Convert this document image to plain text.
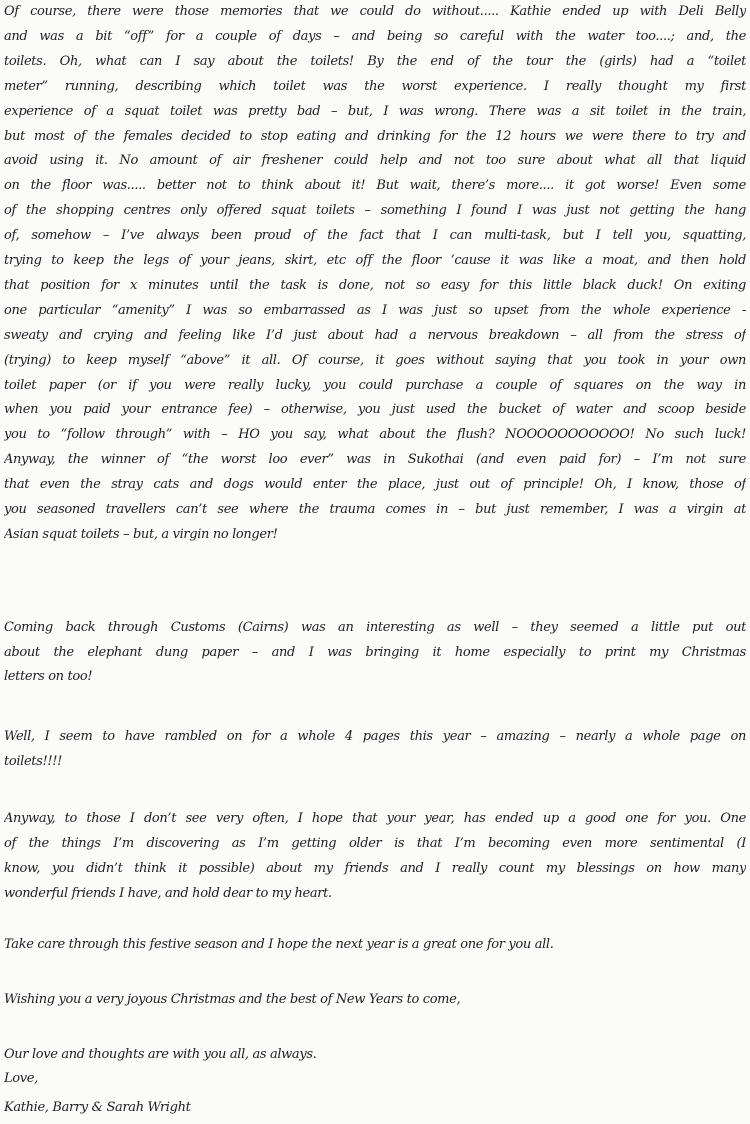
Of course, there were those memories that we could do without..... Kathie ended up with Deli Belly
and was a bit “off” for a couple of days – and being so careful with the water too....; and, the
toilets. Oh, what can I say about the toilets! By the end of the tour the (girls) had a “toilet
meter” running, describing which toilet was the worst experience. I really thought my first
experience of a squat toilet was pretty bad – but, I was wrong. There was a sit toilet in the train,
but most of the females decided to stop eating and drinking for the 12 hours we were there to try and
avoid using it. No amount of air freshener could help and not too sure about what all that liquid
on the floor was..... better not to think about it! But wait, there’s more.... it got worse! Even some
of the shopping centres only offered squat toilets – something I found I was just not getting the hang
of, somehow – I’ve always been proud of the fact that I can multi-task, but I tell you, squatting,
trying to keep the legs of your jeans, skirt, etc off the floor ‘cause it was like a moat, and then hold
that position for x minutes until the task is done, not so easy for this little black duck! On exiting
one particular “amenity” I was so embarrassed as I was just so upset from the whole experience -
sweaty and crying and feeling like I’d just about had a nervous breakdown – all from the stress of
(trying) to keep myself “above” it all. Of course, it goes without saying that you took in your own
toilet paper (or if you were really lucky, you could purchase a couple of squares on the way in
when you paid your entrance fee) – otherwise, you just used the bucket of water and scoop beside
you to “follow through” with – HO you say, what about the flush? NOOOOOOOOOOO! No such luck!
Anyway, the winner of “the worst loo ever” was in Sukothai (and even paid for) – I’m not sure
that even the stray cats and dogs would enter the place, just out of principle! Oh, I know, those of
you seasoned travellers can’t see where the trauma comes in – but just remember, I was a virgin at
Asian squat toilets – but, a virgin no longer!
Coming back through Customs (Cairns) was an interesting as well – they seemed a little put out
about the elephant dung paper – and I was bringing it home especially to print my Christmas
letters on too!
Well, I seem to have rambled on for a whole 4 pages this year – amazing – nearly a whole page on
toilets!!!!
Anyway, to those I don’t see very often, I hope that your year, has ended up a good one for you. One
of the things I’m discovering as I’m getting older is that I’m becoming even more sentimental (I
know, you didn’t think it possible) about my friends and I really count my blessings on how many
wonderful friends I have, and hold dear to my heart.
Take care through this festive season and I hope the next year is a great one for you all.
Wishing you a very joyous Christmas and the best of New Years to come,
Our love and thoughts are with you all, as always.
Love,
Kathie, Barry & Sarah Wright
